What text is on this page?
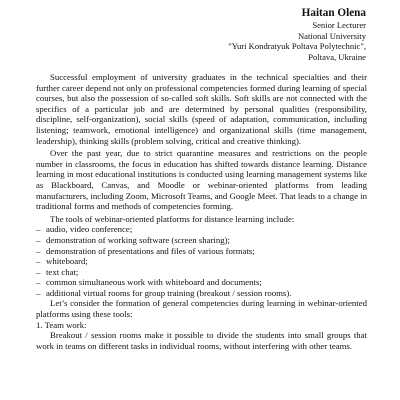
Haitan Olena
Senior Lecturer
National University
"Yuri Kondratyuk Poltava Polytechnic",
Poltava, Ukraine

Successful employment of university graduates in the technical specialties and their further career depend not only on professional competencies formed during learning of special courses, but also the possession of so-called soft skills. Soft skills are not connected with the specifics of a particular job and are determined by personal qualities (responsibility, discipline, self-organization), social skills (speed of adaptation, communication, including listening; teamwork, emotional intelligence) and organizational skills (time management, leadership), thinking skills (problem solving, critical and creative thinking).

Over the past year, due to strict quarantine measures and restrictions on the people number in classrooms, the focus in education has shifted towards distance learning. Distance learning in most educational institutions is conducted using learning management systems like as Blackboard, Canvas, and Moodle or webinar-oriented platforms from leading manufacturers, including Zoom, Microsoft Teams, and Google Meet. That leads to a change in traditional forms and methods of competencies forming.

The tools of webinar-oriented platforms for distance learning include:

– audio, video conference;
– demonstration of working software (screen sharing);
– demonstration of presentations and files of various formats;
– whiteboard;
– text chat;
– common simultaneous work with whiteboard and documents;
– additional virtual rooms for group training (breakout / session rooms).

Let’s consider the formation of general competencies during learning in webinar-oriented platforms using these tools:

1. Team work:

Breakout / session rooms make it possible to divide the students into small groups that work in teams on different tasks in individual rooms, without interfering with other teams.
